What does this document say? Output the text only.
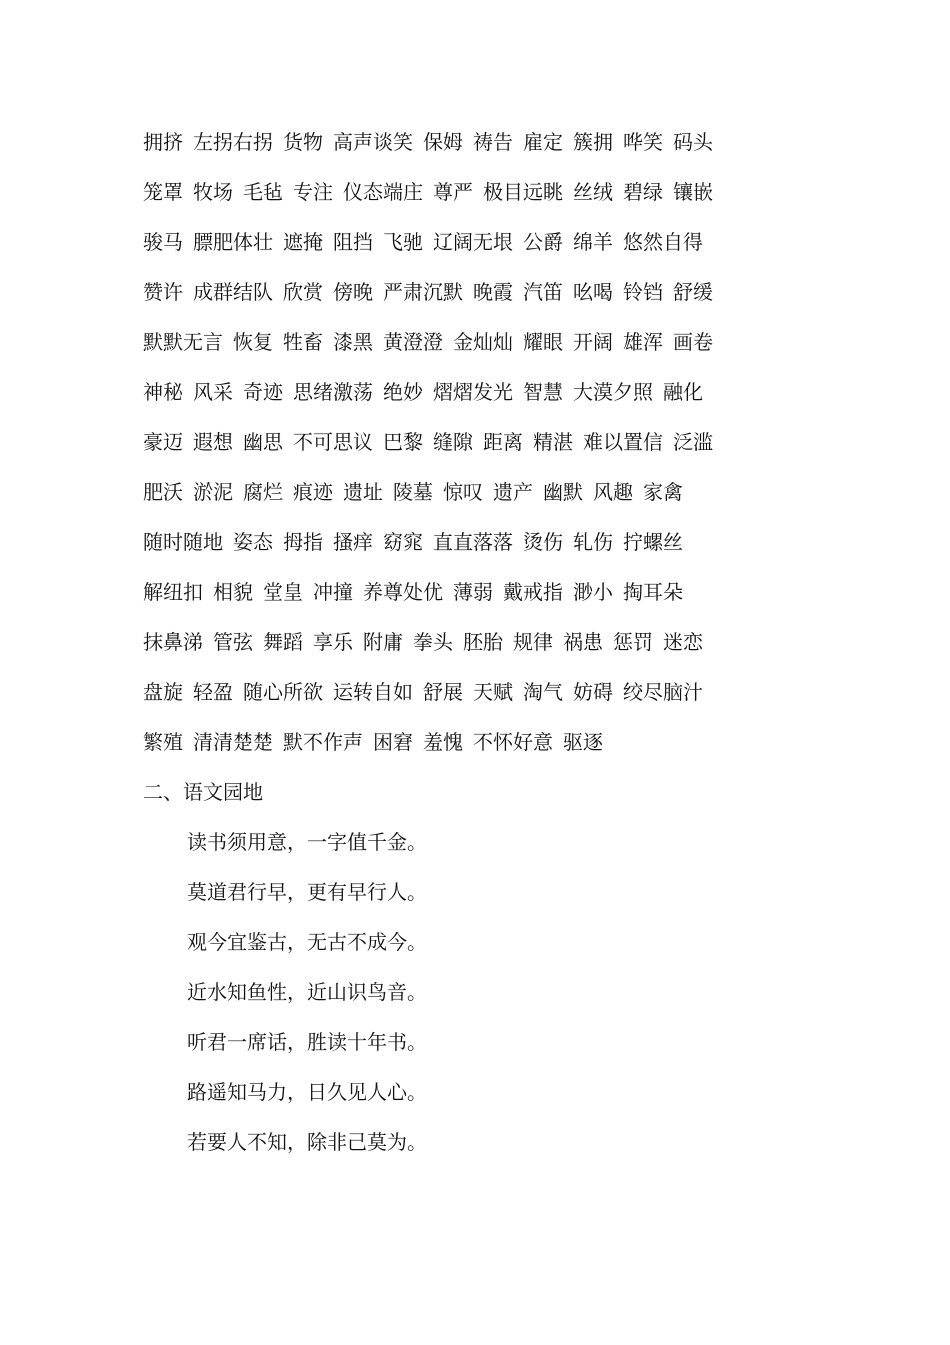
拥挤 左拐右拐 货物 高声谈笑 保姆 祷告 雇定 簇拥 哗笑 码头
笼罩 牧场 毛毡 专注 仪态端庄 尊严 极目远眺 丝绒 碧绿 镶嵌
骏马 膘肥体壮 遮掩 阻挡 飞驰 辽阔无垠 公爵 绵羊 悠然自得
赞许 成群结队 欣赏 傍晚 严肃沉默 晚霞 汽笛 吆喝 铃铛 舒缓
默默无言 恢复 牲畜 漆黑 黄澄澄 金灿灿 耀眼 开阔 雄浑 画卷
神秘 风采 奇迹 思绪激荡 绝妙 熠熠发光 智慧 大漠夕照 融化
豪迈 遐想 幽思 不可思议 巴黎 缝隙 距离 精湛 难以置信 泛滥
肥沃 淤泥 腐烂 痕迹 遗址 陵墓 惊叹 遗产 幽默 风趣 家禽
随时随地 姿态 拇指 搔痒 窈窕 直直落落 烫伤 轧伤 拧螺丝
解纽扣 相貌 堂皇 冲撞 养尊处优 薄弱 戴戒指 渺小 掏耳朵
抹鼻涕 管弦 舞蹈 享乐 附庸 拳头 胚胎 规律 祸患 惩罚 迷恋
盘旋 轻盈 随心所欲 运转自如 舒展 天赋 淘气 妨碍 绞尽脑汁
繁殖 清清楚楚 默不作声 困窘 羞愧 不怀好意 驱逐
二、语文园地
读书须用意，一字值千金。
莫道君行早，更有早行人。
观今宜鉴古，无古不成今。
近水知鱼性，近山识鸟音。
听君一席话，胜读十年书。
路遥知马力，日久见人心。
若要人不知，除非己莫为。
